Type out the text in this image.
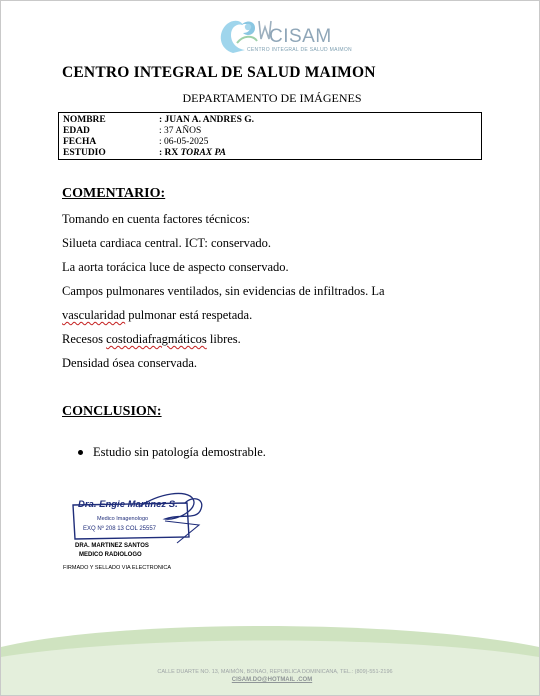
CISAM
CENTRO INTEGRAL DE SALUD MAIMON
CENTRO INTEGRAL DE SALUD MAIMON
DEPARTAMENTO DE IMÁGENES
NOMBRE	: JUAN A. ANDRES G.
EDAD	: 37 AÑOS
FECHA	: 06-05-2025
ESTUDIO	: RX TORAX PA
COMENTARIO:
Tomando en cuenta factores técnicos:
Silueta cardiaca central. ICT: conservado.
La aorta torácica luce de aspecto conservado.
Campos pulmonares ventilados, sin evidencias de infiltrados. La
vascularidad pulmonar está respetada.
Recesos costodiafragmáticos libres.
Densidad ósea conservada.
CONCLUSION:
Estudio sin patología demostrable.
Dra. Engie Martinez S.
Medico Imagenologo
EXQ Nº 208 13 COL 25557
DRA. MARTINEZ SANTOS
MEDICO RADIOLOGO
FIRMADO Y SELLADO VIA ELECTRONICA
CALLE DUARTE NO. 13, MAIMÓN, BONAO, REPUBLICA DOMINICANA, TEL.: (809)-551-2196
CISAM.DO@HOTMAIL .COM
